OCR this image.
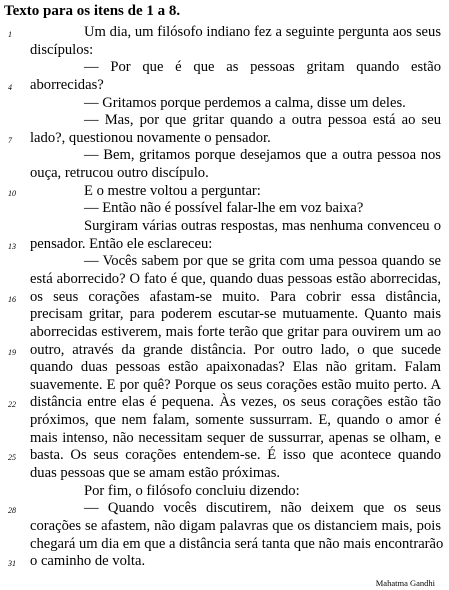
Texto para os itens de 1 a 8.
1	Um dia, um filósofo indiano fez a seguinte pergunta aos seus
discípulos:
— Por que é que as pessoas gritam quando estão
4	aborrecidas?
— Gritamos porque perdemos a calma, disse um deles.
— Mas, por que gritar quando a outra pessoa está ao seu
7	lado?, questionou novamente o pensador.
— Bem, gritamos porque desejamos que a outra pessoa nos
ouça, retrucou outro discípulo.
10	E o mestre voltou a perguntar:
— Então não é possível falar-lhe em voz baixa?
Surgiram várias outras respostas, mas nenhuma convenceu o
13 pensador. Então ele esclareceu:
— Vocês sabem por que se grita com uma pessoa quando se
está aborrecido? O fato é que, quando duas pessoas estão aborrecidas,
16 os seus corações afastam-se muito. Para cobrir essa distância,
precisam gritar, para poderem escutar-se mutuamente. Quanto mais
aborrecidas estiverem, mais forte terão que gritar para ouvirem um ao
19 outro, através da grande distância. Por outro lado, o que sucede
quando duas pessoas estão apaixonadas? Elas não gritam. Falam
suavemente. E por quê? Porque os seus corações estão muito perto. A
22 distância entre elas é pequena. Às vezes, os seus corações estão tão
próximos, que nem falam, somente sussurram. E, quando o amor é
mais intenso, não necessitam sequer de sussurrar, apenas se olham, e
25 basta. Os seus corações entendem-se. É isso que acontece quando
duas pessoas que se amam estão próximas.
Por fim, o filósofo concluiu dizendo:
28	— Quando vocês discutirem, não deixem que os seus
corações se afastem, não digam palavras que os distanciem mais, pois
chegará um dia em que a distância será tanta que não mais encontrarão
31 o caminho de volta.
Mahatma Gandhi
